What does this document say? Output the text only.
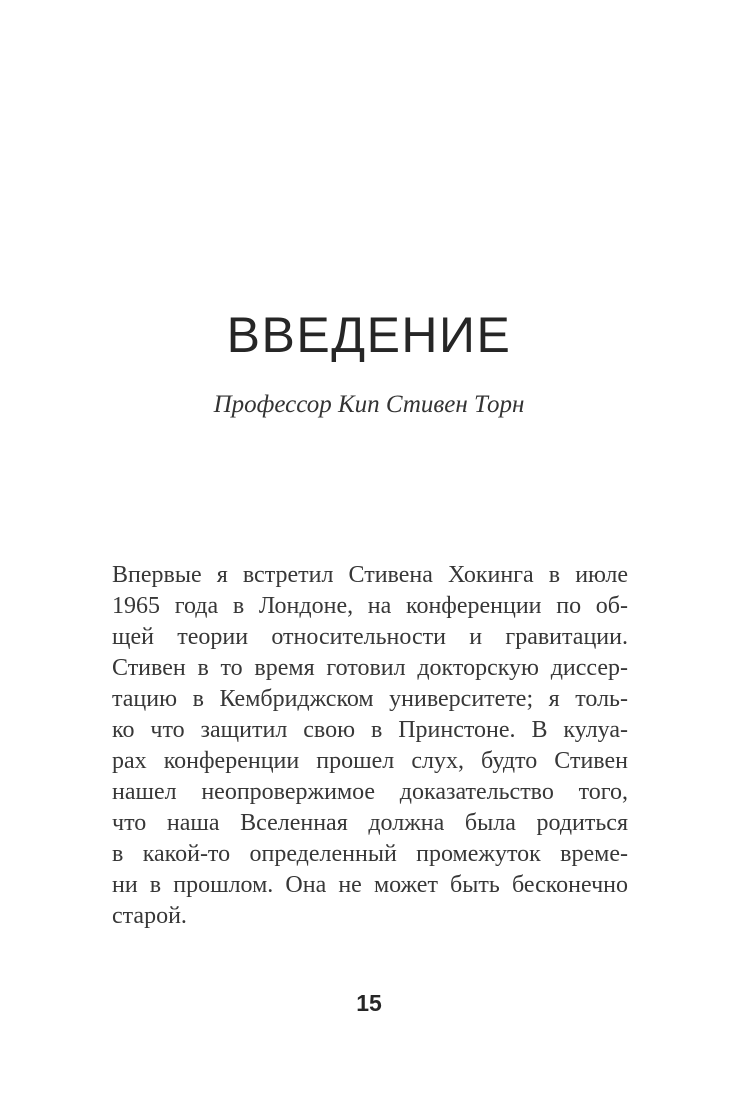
ВВЕДЕНИЕ

Профессор Кип Стивен Торн

Впервые я встретил Стивена Хокинга в июле
1965 года в Лондоне, на конференции по об-
щей теории относительности и гравитации.
Стивен в то время готовил докторскую диссер-
тацию в Кембриджском университете; я толь-
ко что защитил свою в Принстоне. В кулуа-
рах конференции прошел слух, будто Стивен
нашел неопровержимое доказательство того,
что наша Вселенная должна была родиться
в какой-то определенный промежуток време-
ни в прошлом. Она не может быть бесконечно
старой.

15
